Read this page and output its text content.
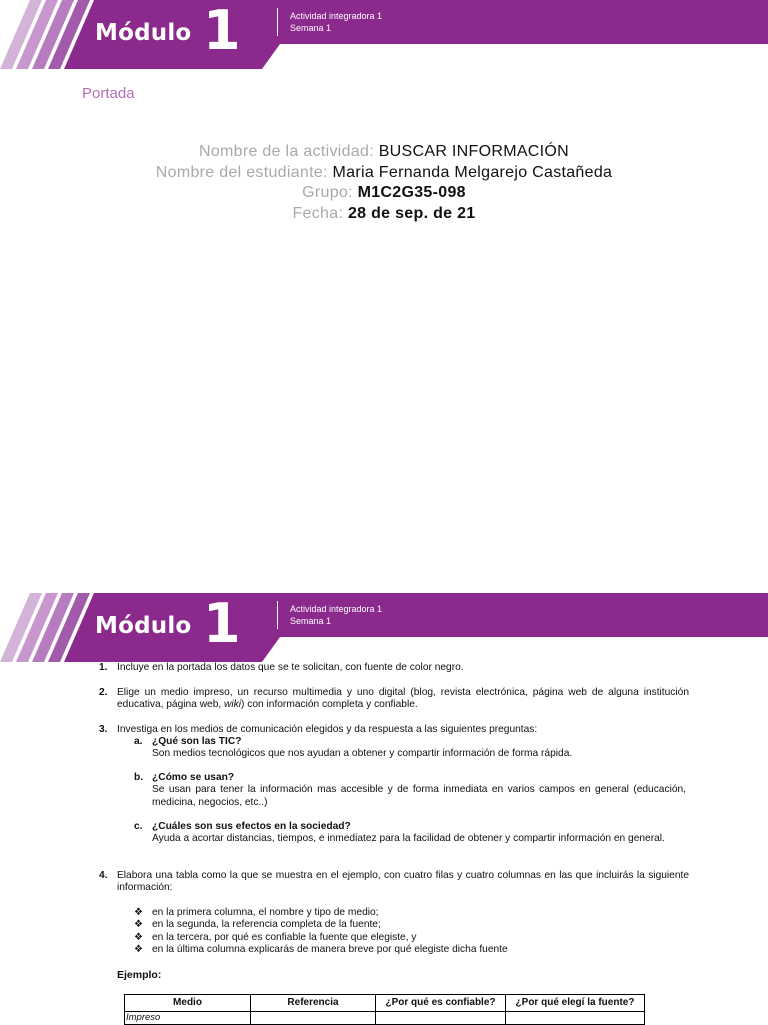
Módulo 1	Actividad integradora 1
Semana 1
Portada
Nombre de la actividad: BUSCAR INFORMACIÓN
Nombre del estudiante: Maria Fernanda Melgarejo Castañeda
Grupo: M1C2G35-098
Fecha: 28 de sep. de 21
Módulo 1	Actividad integradora 1
Semana 1
1. Incluye en la portada los datos que se te solicitan, con fuente de color negro.
2. Elige un medio impreso, un recurso multimedia y uno digital (blog, revista electrónica, página web de alguna institución educativa, página web, wiki) con información completa y confiable.
3. Investiga en los medios de comunicación elegidos y da respuesta a las siguientes preguntas:
a. ¿Qué son las TIC?
Son medios tecnológicos que nos ayudan a obtener y compartir información de forma rápida.
b. ¿Cómo se usan?
Se usan para tener la información mas accesible y de forma inmediata en varios campos en general (educación, medicina, negocios, etc..)
c. ¿Cuáles son sus efectos en la sociedad?
Ayuda a acortar distancias, tiempos, e inmediatez para la facilidad de obtener y compartir información en general.
4. Elabora una tabla como la que se muestra en el ejemplo, con cuatro filas y cuatro columnas en las que incluirás la siguiente información:
❖ en la primera columna, el nombre y tipo de medio;
❖ en la segunda, la referencia completa de la fuente;
❖ en la tercera, por qué es confiable la fuente que elegiste, y
❖ en la última columna explicarás de manera breve por qué elegiste dicha fuente
Ejemplo:
Medio	Referencia	¿Por qué es confiable?	¿Por qué elegí la fuente?
Impreso			
